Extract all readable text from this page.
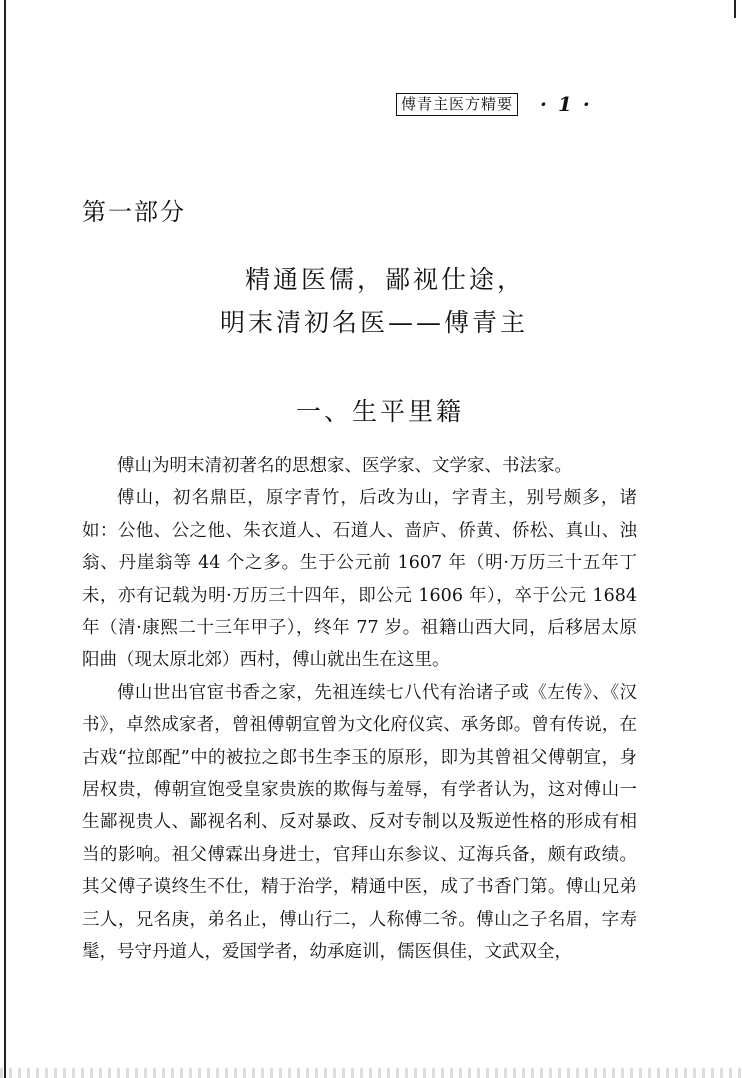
傅青主医方精要 · 1 ·
第一部分
精通医儒，鄙视仕途，
明末清初名医——傅青主
一、生平里籍

傅山为明末清初著名的思想家、医学家、文学家、书法家。

傅山，初名鼎臣，原字青竹，后改为山，字青主，别号颇多，诸如：公他、公之他、朱衣道人、石道人、啬庐、侨黄、侨松、真山、浊翁、丹崖翁等 44 个之多。生于公元前 1607 年（明·万历三十五年丁未，亦有记载为明·万历三十四年，即公元 1606 年），卒于公元 1684 年（清·康熙二十三年甲子），终年 77 岁。祖籍山西大同，后移居太原阳曲（现太原北郊）西村，傅山就出生在这里。

傅山世出官宦书香之家，先祖连续七八代有治诸子或《左传》、《汉书》，卓然成家者，曾祖傅朝宣曾为文化府仪宾、承务郎。曾有传说，在古戏“拉郎配”中的被拉之郎书生李玉的原形，即为其曾祖父傅朝宣，身居权贵，傅朝宣饱受皇家贵族的欺侮与羞辱，有学者认为，这对傅山一生鄙视贵人、鄙视名利、反对暴政、反对专制以及叛逆性格的形成有相当的影响。祖父傅霖出身进士，官拜山东参议、辽海兵备，颇有政绩。其父傅子谟终生不仕，精于治学，精通中医，成了书香门第。傅山兄弟三人，兄名庚，弟名止，傅山行二，人称傅二爷。傅山之子名眉，字寿髦，号守丹道人，爱国学者，幼承庭训，儒医俱佳，文武双全，
